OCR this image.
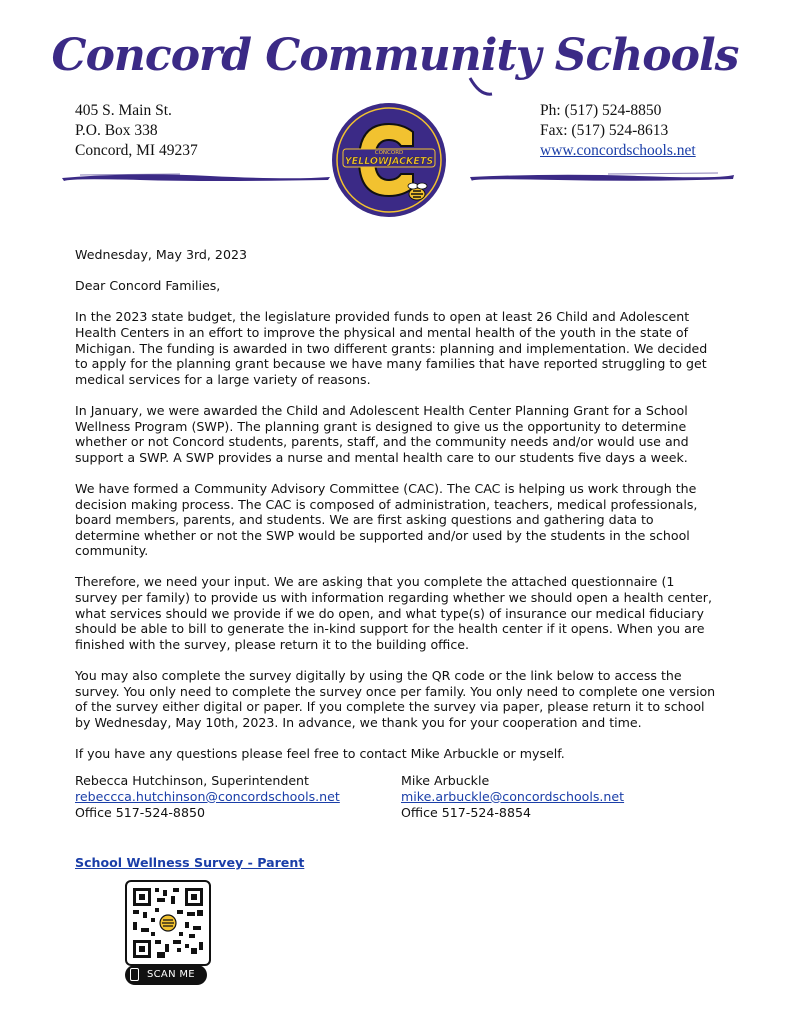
Concord Community Schools
405 S. Main St.
P.O. Box 338
Concord, MI 49237
Ph: (517) 524-8850
Fax: (517) 524-8613
www.concordschools.net
CONCORD
YELLOWJACKETS

Wednesday, May 3rd, 2023

Dear Concord Families,

In the 2023 state budget, the legislature provided funds to open at least 26 Child and Adolescent Health Centers in an effort to improve the physical and mental health of the youth in the state of Michigan. The funding is awarded in two different grants: planning and implementation. We decided to apply for the planning grant because we have many families that have reported struggling to get medical services for a large variety of reasons.

In January, we were awarded the Child and Adolescent Health Center Planning Grant for a School Wellness Program (SWP). The planning grant is designed to give us the opportunity to determine whether or not Concord students, parents, staff, and the community needs and/or would use and support a SWP. A SWP provides a nurse and mental health care to our students five days a week.

We have formed a Community Advisory Committee (CAC). The CAC is helping us work through the decision making process. The CAC is composed of administration, teachers, medical professionals, board members, parents, and students. We are first asking questions and gathering data to determine whether or not the SWP would be supported and/or used by the students in the school community.

Therefore, we need your input. We are asking that you complete the attached questionnaire (1 survey per family) to provide us with information regarding whether we should open a health center, what services should we provide if we do open, and what type(s) of insurance our medical fiduciary should be able to bill to generate the in-kind support for the health center if it opens. When you are finished with the survey, please return it to the building office.

You may also complete the survey digitally by using the QR code or the link below to access the survey. You only need to complete the survey once per family. You only need to complete one version of the survey either digital or paper. If you complete the survey via paper, please return it to school by Wednesday, May 10th, 2023. In advance, we thank you for your cooperation and time.

If you have any questions please feel free to contact Mike Arbuckle or myself.

Rebecca Hutchinson, Superintendent
rebeccca.hutchinson@concordschools.net
Office 517-524-8850
Mike Arbuckle
mike.arbuckle@concordschools.net
Office 517-524-8854
School Wellness Survey - Parent
SCAN ME
